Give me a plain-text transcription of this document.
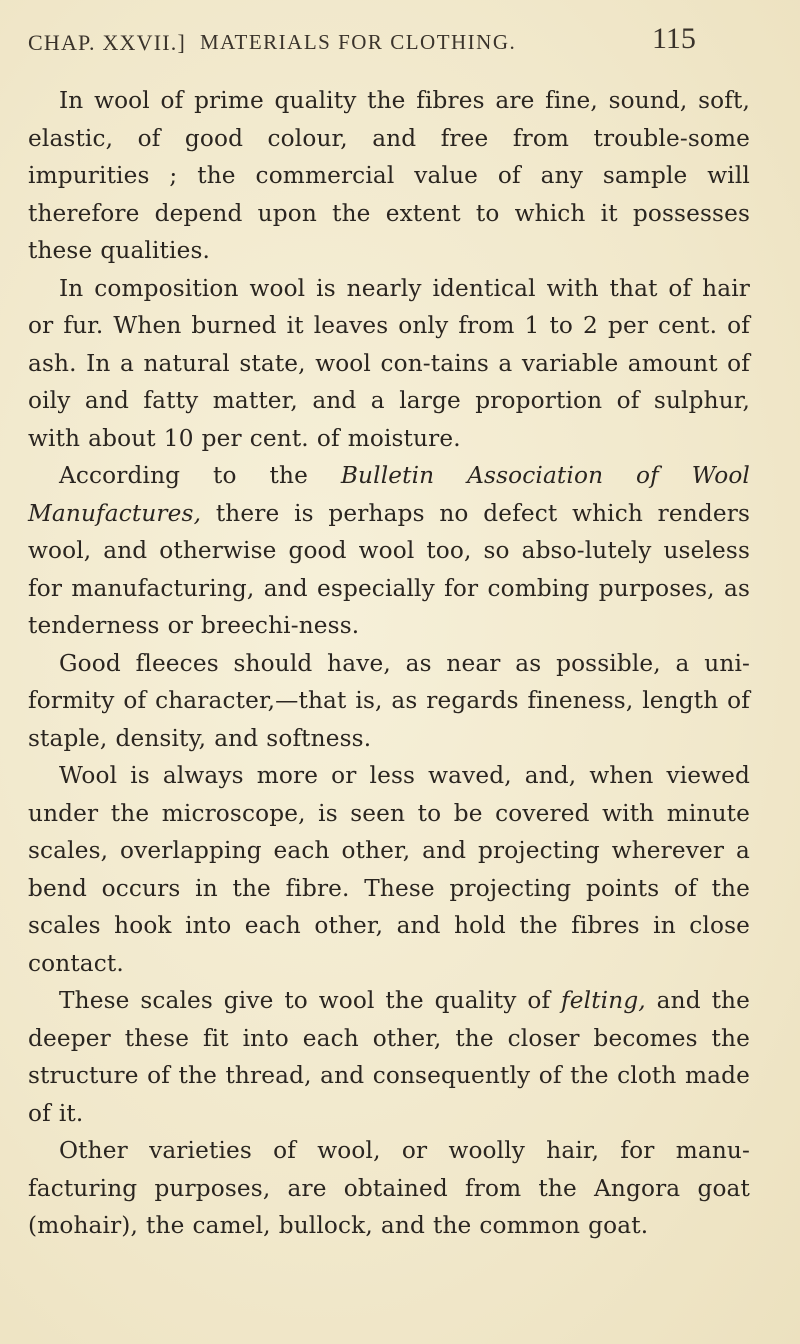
CHAP. XXVII.] MATERIALS FOR CLOTHING.	115

In wool of prime quality the fibres are fine, sound, soft, elastic, of good colour, and free from trouble-some impurities ; the commercial value of any sample will therefore depend upon the extent to which it possesses these qualities.

In composition wool is nearly identical with that of hair or fur. When burned it leaves only from 1 to 2 per cent. of ash. In a natural state, wool con-tains a variable amount of oily and fatty matter, and a large proportion of sulphur, with about 10 per cent. of moisture.

According to the Bulletin Association of Wool Manufactures, there is perhaps no defect which renders wool, and otherwise good wool too, so abso-lutely useless for manufacturing, and especially for combing purposes, as tenderness or breechi-ness.

Good fleeces should have, as near as possible, a uni-formity of character,—that is, as regards fineness, length of staple, density, and softness.

Wool is always more or less waved, and, when viewed under the microscope, is seen to be covered with minute scales, overlapping each other, and projecting wherever a bend occurs in the fibre. These projecting points of the scales hook into each other, and hold the fibres in close contact.

These scales give to wool the quality of felting, and the deeper these fit into each other, the closer becomes the structure of the thread, and consequently of the cloth made of it.

Other varieties of wool, or woolly hair, for manu-facturing purposes, are obtained from the Angora goat (mohair), the camel, bullock, and the common goat.
